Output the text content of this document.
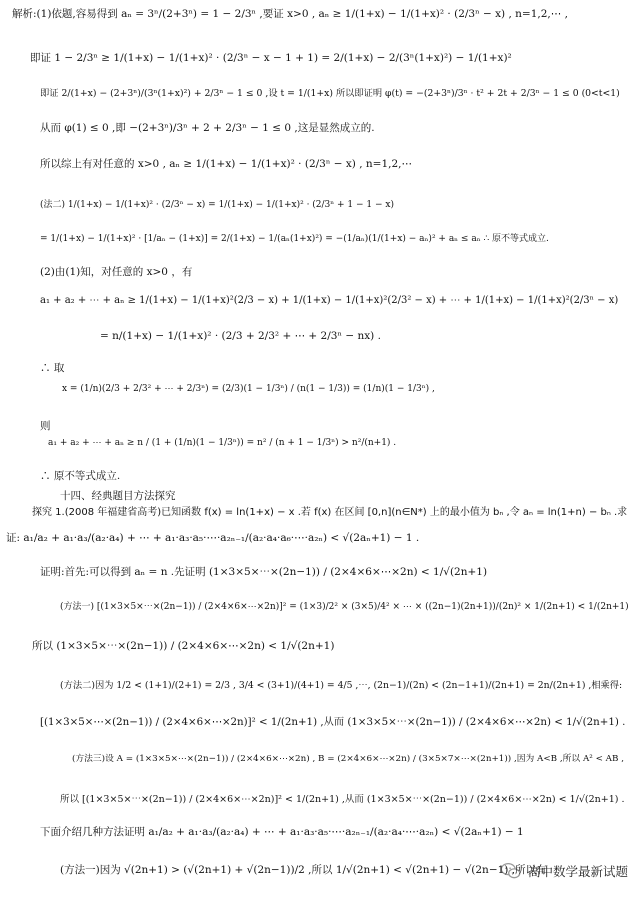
高中数学最新试题
解析:(1)依题,容易得到 aₙ = 3ⁿ/(2+3ⁿ) = 1 − 2/3ⁿ ,要证 x>0 , aₙ ≥ 1/(1+x) − 1/(1+x)² · (2/3ⁿ − x) , n=1,2,⋯ ,
即证 1 − 2/3ⁿ ≥ 1/(1+x) − 1/(1+x)² · (2/3ⁿ − x − 1 + 1) = 2/(1+x) − 2/(3ⁿ(1+x)²) − 1/(1+x)²
即证 2/(1+x) − (2+3ⁿ)/(3ⁿ(1+x)²) + 2/3ⁿ − 1 ≤ 0 ,设 t = 1/(1+x) 所以即证明 φ(t) = −(2+3ⁿ)/3ⁿ · t² + 2t + 2/3ⁿ − 1 ≤ 0 (0<t<1)
从而 φ(1) ≤ 0 ,即 −(2+3ⁿ)/3ⁿ + 2 + 2/3ⁿ − 1 ≤ 0 ,这是显然成立的.
所以综上有对任意的 x>0 , aₙ ≥ 1/(1+x) − 1/(1+x)² · (2/3ⁿ − x) , n=1,2,⋯
(法二) 1/(1+x) − 1/(1+x)² · (2/3ⁿ − x) = 1/(1+x) − 1/(1+x)² · (2/3ⁿ + 1 − 1 − x)
= 1/(1+x) − 1/(1+x)² · [1/aₙ − (1+x)] = 2/(1+x) − 1/(aₙ(1+x)²) = −(1/aₙ)(1/(1+x) − aₙ)² + aₙ ≤ aₙ ∴ 原不等式成立.
(2)由(1)知，对任意的 x>0 ，有
a₁ + a₂ + ⋯ + aₙ ≥ 1/(1+x) − 1/(1+x)²(2/3 − x) + 1/(1+x) − 1/(1+x)²(2/3² − x) + ⋯ + 1/(1+x) − 1/(1+x)²(2/3ⁿ − x)
= n/(1+x) − 1/(1+x)² · (2/3 + 2/3² + ⋯ + 2/3ⁿ − nx) .
∴ 取
x = (1/n)(2/3 + 2/3² + ⋯ + 2/3ⁿ) = (2/3)(1 − 1/3ⁿ) / (n(1 − 1/3)) = (1/n)(1 − 1/3ⁿ) ,
则
a₁ + a₂ + ⋯ + aₙ ≥ n / (1 + (1/n)(1 − 1/3ⁿ)) = n² / (n + 1 − 1/3ⁿ) > n²/(n+1) .
∴ 原不等式成立.
十四、经典题目方法探究
探究 1.(2008 年福建省高考)已知函数 f(x) = ln(1+x) − x .若 f(x) 在区间 [0,n](n∈N*) 上的最小值为 bₙ ,令 aₙ = ln(1+n) − bₙ .求
证: a₁/a₂ + a₁·a₃/(a₂·a₄) + ⋯ + a₁·a₃·a₅·⋯·a₂ₙ₋₁/(a₂·a₄·a₆·⋯·a₂ₙ) < √(2aₙ+1) − 1 .
证明:首先:可以得到 aₙ = n .先证明 (1×3×5×⋯×(2n−1)) / (2×4×6×⋯×2n) < 1/√(2n+1)
(方法一) [(1×3×5×⋯×(2n−1)) / (2×4×6×⋯×2n)]² = (1×3)/2² × (3×5)/4² × ⋯ × ((2n−1)(2n+1))/(2n)² × 1/(2n+1) < 1/(2n+1)
所以 (1×3×5×⋯×(2n−1)) / (2×4×6×⋯×2n) < 1/√(2n+1)
(方法二)因为 1/2 < (1+1)/(2+1) = 2/3 , 3/4 < (3+1)/(4+1) = 4/5 ,⋯, (2n−1)/(2n) < (2n−1+1)/(2n+1) = 2n/(2n+1) ,相乘得:
[(1×3×5×⋯×(2n−1)) / (2×4×6×⋯×2n)]² < 1/(2n+1) ,从而 (1×3×5×⋯×(2n−1)) / (2×4×6×⋯×2n) < 1/√(2n+1) .
(方法三)设 A = (1×3×5×⋯×(2n−1)) / (2×4×6×⋯×2n) , B = (2×4×6×⋯×2n) / (3×5×7×⋯×(2n+1)) ,因为 A<B ,所以 A² < AB ,
所以 [(1×3×5×⋯×(2n−1)) / (2×4×6×⋯×2n)]² < 1/(2n+1) ,从而 (1×3×5×⋯×(2n−1)) / (2×4×6×⋯×2n) < 1/√(2n+1) .
下面介绍几种方法证明 a₁/a₂ + a₁·a₃/(a₂·a₄) + ⋯ + a₁·a₃·a₅·⋯·a₂ₙ₋₁/(a₂·a₄·⋯·a₂ₙ) < √(2aₙ+1) − 1
(方法一)因为 √(2n+1) > (√(2n+1) + √(2n−1))/2 ,所以 1/√(2n+1) < √(2n+1) − √(2n−1) ,所以有
